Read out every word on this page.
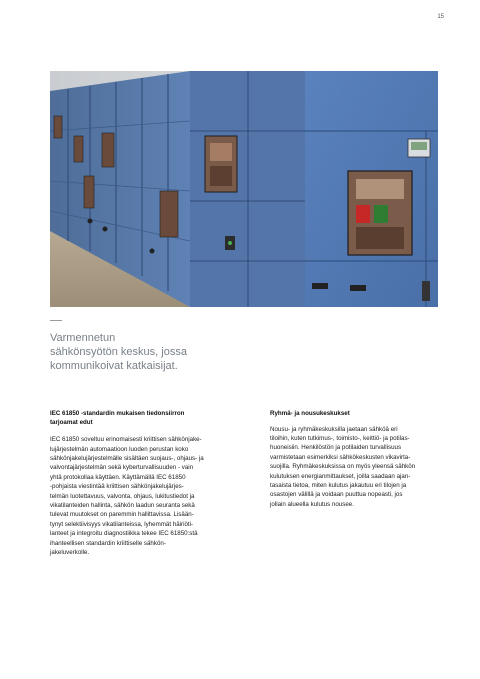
15
Varmennetun
sähkönsyötön keskus, jossa
kommunikoivat katkaisijat.
IEC 61850 -standardin mukaisen tiedonsiirron
tarjoamat edut
IEC 61850 soveltuu erinomaisesti kriittisen sähkönjake-
lujärjestelmän automaatioon luoden perustan koko
sähkönjakelujärjestelmälle sisältäen suojaus-, ohjaus- ja
valvontajärjestelmän sekä kyberturvallisuuden - vain
yhtä protokollaa käyttäen. Käyttämällä IEC 61850
-pohjaista viestintää kriittisen sähkönjakelujärjes-
telmän luotettavuus, valvonta, ohjaus, lukitustiedot ja
vikatilanteiden hallinta, sähkön laadun seuranta sekä
tulevat muutokset on paremmin hallittavissa. Lisään-
tynyt selektiivisyys vikatilanteissa, lyhemmät häiriöti-
lanteet ja integroitu diagnostiikka tekee IEC 61850:stä
ihanteellisen standardin kriittiselle sähkön-
jakeluverkolle.
Ryhmä- ja nousukeskukset
Nousu- ja ryhmäkeskuksilla jaetaan sähköä eri
tiloihin, kuten tutkimus-, toimisto-, keittiö- ja potilas-
huoneisiin. Henkilöstön ja potilaiden turvallisuus
varmistetaan esimerkiksi sähkökeskusten vikavirta-
suojilla. Ryhmäkeskuksissa on myös yleensä sähkön
kulutuksen energianmittaukset, joilla saadaan ajan-
tasaista tietoa, miten kulutus jakautuu eri tilojen ja
osastojen välillä ja voidaan puuttua nopeasti, jos
jollain alueella kulutus nousee.
